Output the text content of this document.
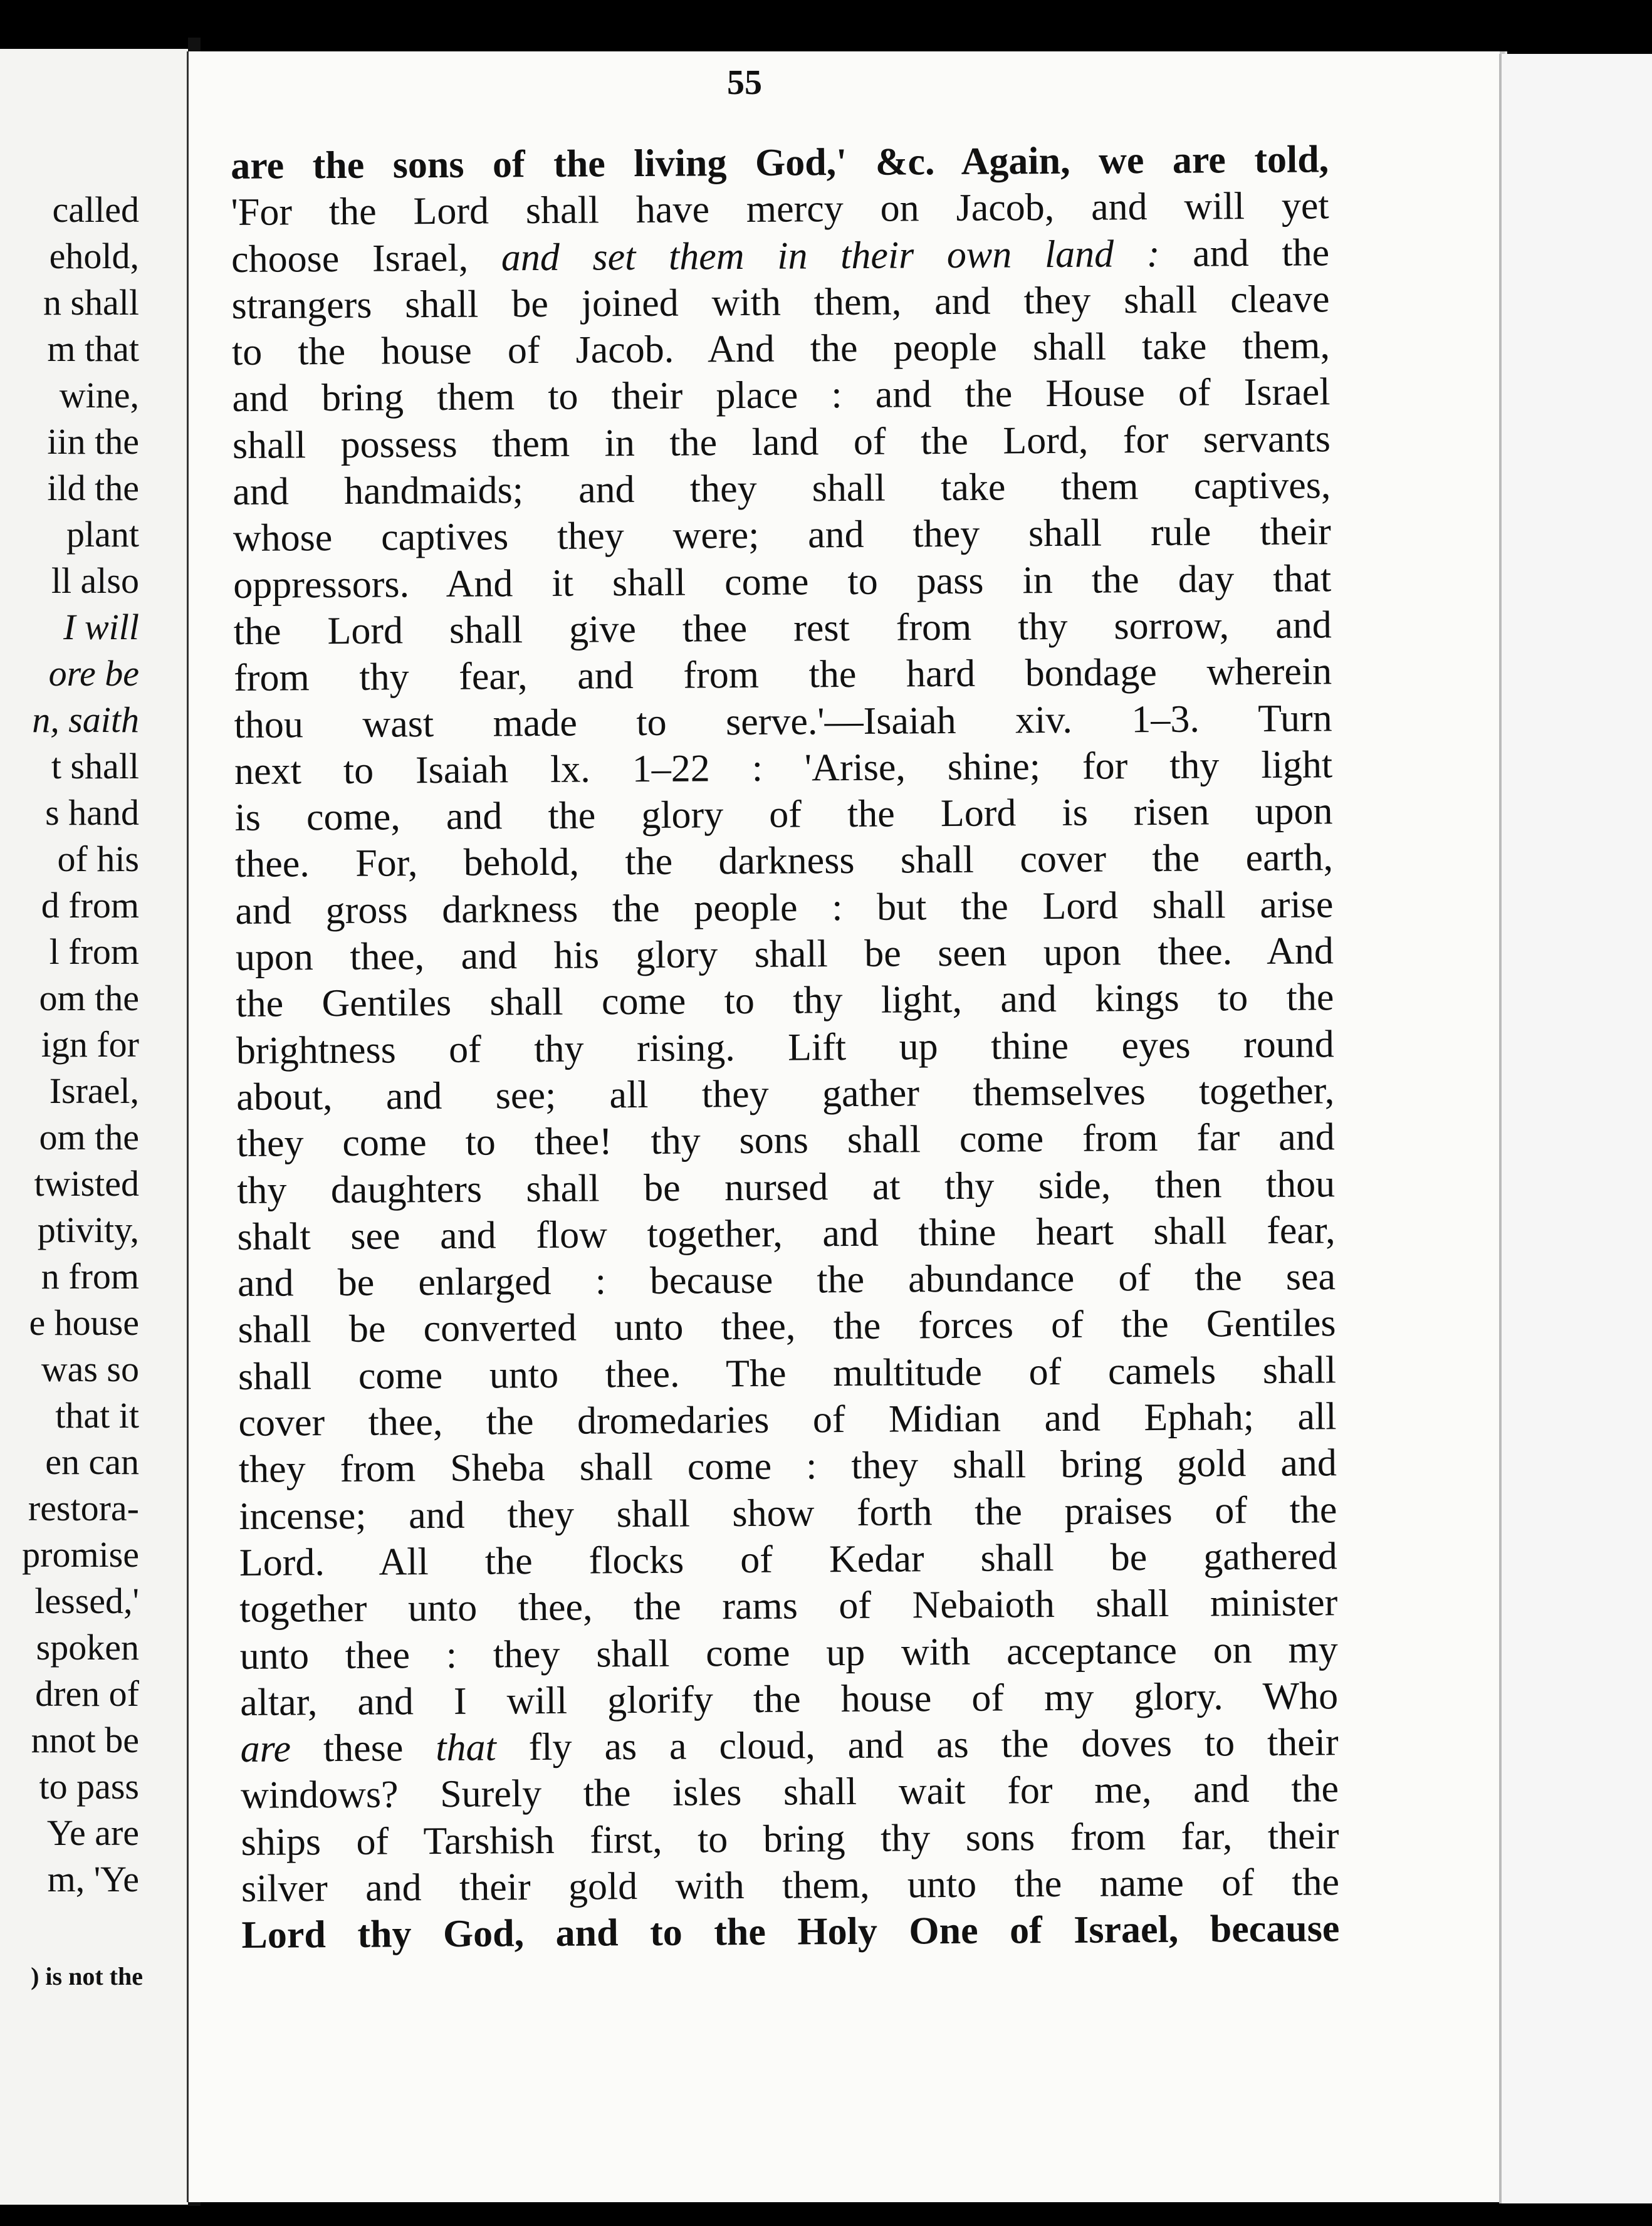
called
ehold,
n shall
m that
wine,
iin the
ild the
plant
ll also
I will
ore be
n, saith
t shall
s hand
of his
d from
l from
om the
ign for
Israel,
om the
twisted
ptivity,
n from
e house
was so
that it
en can
restora-
promise
lessed,'
spoken
dren of
nnot be
to pass
Ye are
m, 'Ye
) is not the
55
are the sons of the living God,' &c. Again, we are told,
'For the Lord shall have mercy on Jacob, and will yet
choose Israel, and set them in their own land : and the
strangers shall be joined with them, and they shall cleave
to the house of Jacob. And the people shall take them,
and bring them to their place : and the House of Israel
shall possess them in the land of the Lord, for servants
and handmaids; and they shall take them captives,
whose captives they were; and they shall rule their
oppressors. And it shall come to pass in the day that
the Lord shall give thee rest from thy sorrow, and
from thy fear, and from the hard bondage wherein
thou wast made to serve.'—Isaiah xiv. 1–3. Turn
next to Isaiah lx. 1–22 : 'Arise, shine; for thy light
is come, and the glory of the Lord is risen upon
thee. For, behold, the darkness shall cover the earth,
and gross darkness the people : but the Lord shall arise
upon thee, and his glory shall be seen upon thee. And
the Gentiles shall come to thy light, and kings to the
brightness of thy rising. Lift up thine eyes round
about, and see; all they gather themselves together,
they come to thee! thy sons shall come from far and
thy daughters shall be nursed at thy side, then thou
shalt see and flow together, and thine heart shall fear,
and be enlarged : because the abundance of the sea
shall be converted unto thee, the forces of the Gentiles
shall come unto thee. The multitude of camels shall
cover thee, the dromedaries of Midian and Ephah; all
they from Sheba shall come : they shall bring gold and
incense; and they shall show forth the praises of the
Lord. All the flocks of Kedar shall be gathered
together unto thee, the rams of Nebaioth shall minister
unto thee : they shall come up with acceptance on my
altar, and I will glorify the house of my glory. Who
are these that fly as a cloud, and as the doves to their
windows? Surely the isles shall wait for me, and the
ships of Tarshish first, to bring thy sons from far, their
silver and their gold with them, unto the name of the
Lord thy God, and to the Holy One of Israel, because
